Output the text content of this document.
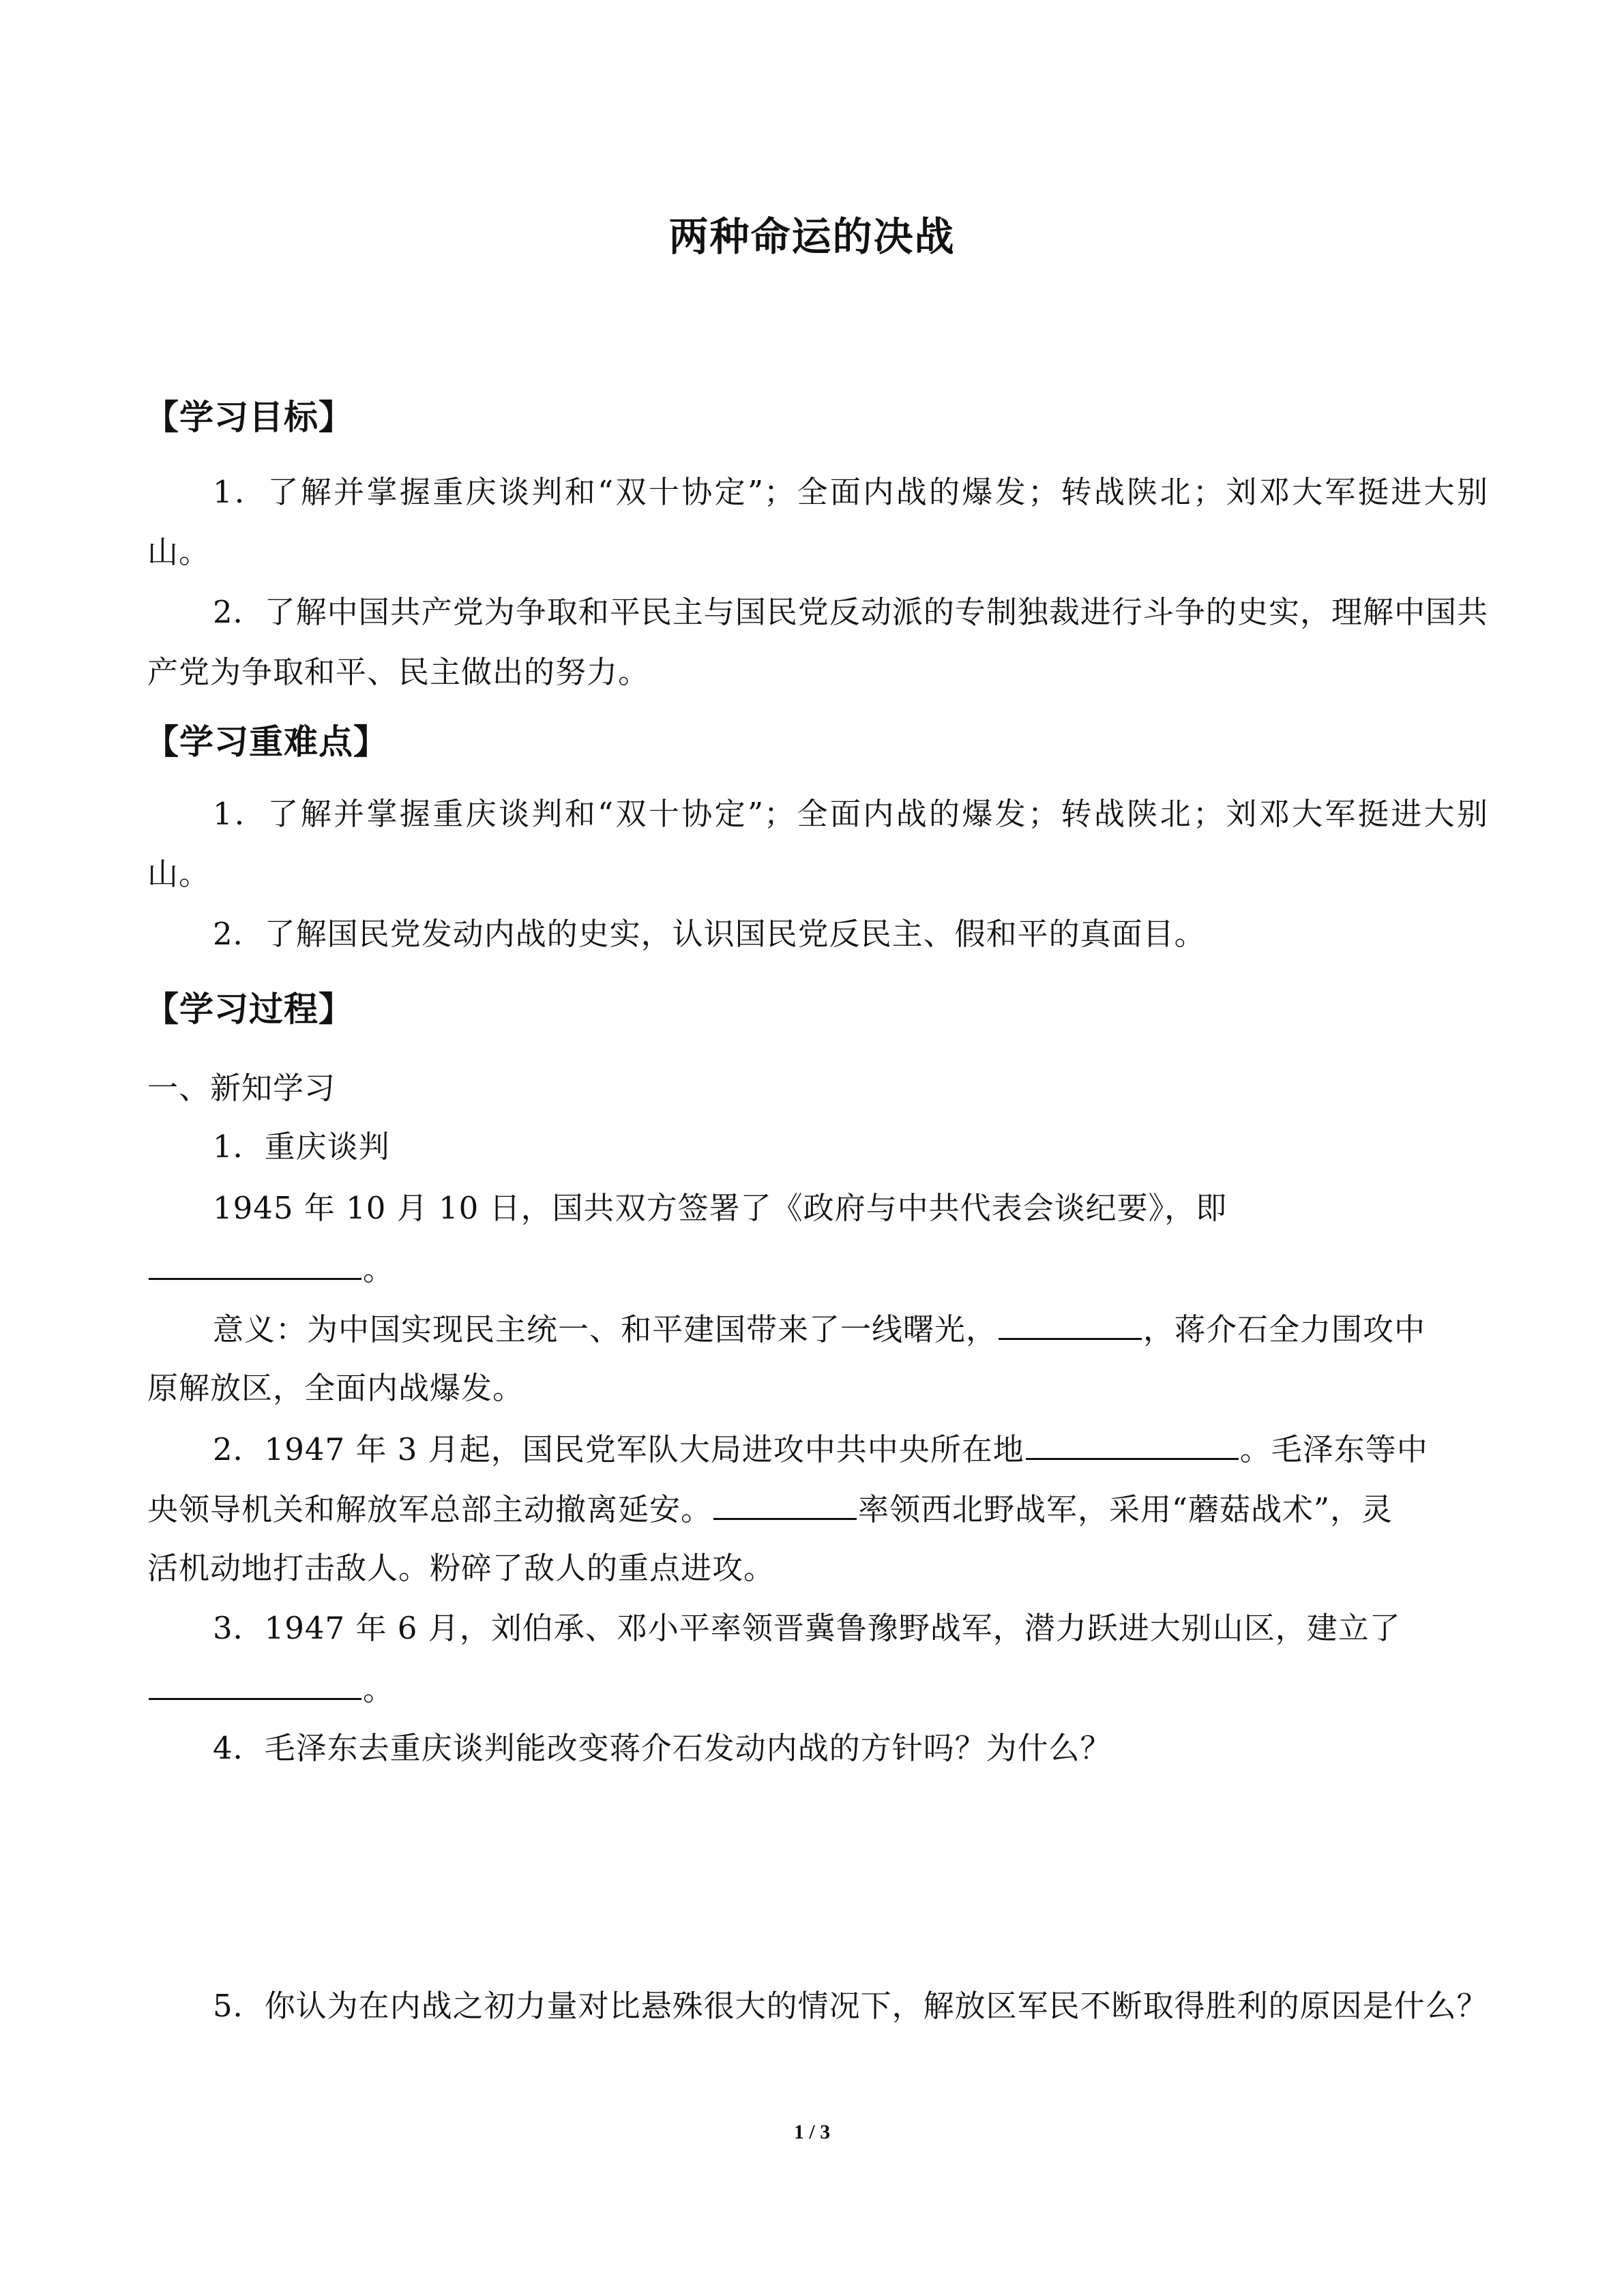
两种命运的决战
【学习目标】
1．了解并掌握重庆谈判和“双十协定”；全面内战的爆发；转战陕北；刘邓大军挺进大别山。
2．了解中国共产党为争取和平民主与国民党反动派的专制独裁进行斗争的史实，理解中国共产党为争取和平、民主做出的努力。
【学习重难点】
1．了解并掌握重庆谈判和“双十协定”；全面内战的爆发；转战陕北；刘邓大军挺进大别山。
2．了解国民党发动内战的史实，认识国民党反民主、假和平的真面目。
【学习过程】
一、新知学习
1．重庆谈判
1945 年 10 月 10 日，国共双方签署了《政府与中共代表会谈纪要》，即
。
意义：为中国实现民主统一、和平建国带来了一线曙光，	，蒋介石全力围攻中
原解放区，全面内战爆发。
2．1947 年 3 月起，国民党军队大局进攻中共中央所在地	。毛泽东等中
央领导机关和解放军总部主动撤离延安。	率领西北野战军，采用“蘑菇战术”，灵
活机动地打击敌人。粉碎了敌人的重点进攻。
3．1947 年 6 月，刘伯承、邓小平率领晋冀鲁豫野战军，潜力跃进大别山区，建立了
。
4．毛泽东去重庆谈判能改变蒋介石发动内战的方针吗？为什么？
5．你认为在内战之初力量对比悬殊很大的情况下，解放区军民不断取得胜利的原因是什么？
1 / 3
